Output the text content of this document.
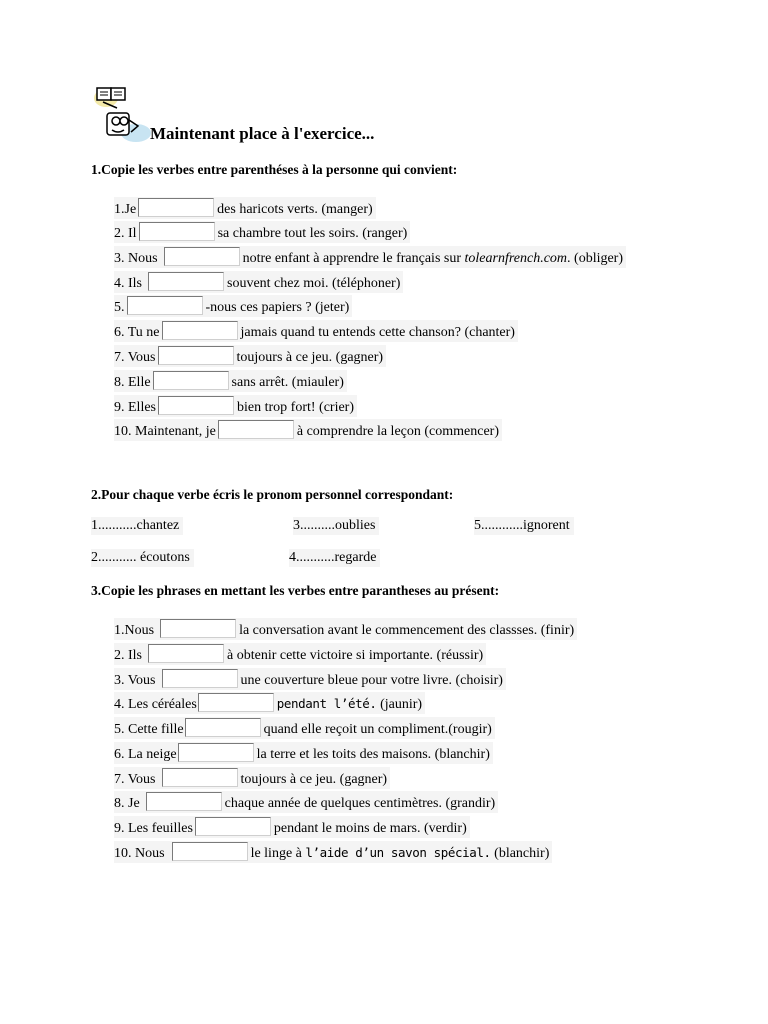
Maintenant place à l'exercice...
1.Copie les verbes entre parenthéses à la personne qui convient:
1.Je	des haricots verts. (manger)
2. Il	sa chambre tout les soirs. (ranger)
3. Nous	notre enfant à apprendre le français sur tolearnfrench.com. (obliger)
4. Ils	souvent chez moi. (téléphoner)
5.	-nous ces papiers ? (jeter)
6. Tu ne	jamais quand tu entends cette chanson? (chanter)
7. Vous	toujours à ce jeu. (gagner)
8. Elle	sans arrêt. (miauler)
9. Elles	bien trop fort! (crier)
10. Maintenant, je	à comprendre la leçon (commencer)
2.Pour chaque verbe écris le pronom personnel correspondant:
1...........chantez	3..........oublies	5............ignorent
2........... écoutons	4...........regarde
3.Copie les phrases en mettant les verbes entre parantheses au présent:
1.Nous	la conversation avant le commencement des classses. (finir)
2. Ils	à obtenir cette victoire si importante. (réussir)
3. Vous	une couverture bleue pour votre livre. (choisir)
4. Les céréales	pendant l’été. (jaunir)
5. Cette fille	quand elle reçoit un compliment.(rougir)
6. La neige	la terre et les toits des maisons. (blanchir)
7. Vous	toujours à ce jeu. (gagner)
8. Je	chaque année de quelques centimètres. (grandir)
9. Les feuilles	pendant le moins de mars. (verdir)
10. Nous	le linge à l’aide d’un savon spécial. (blanchir)
